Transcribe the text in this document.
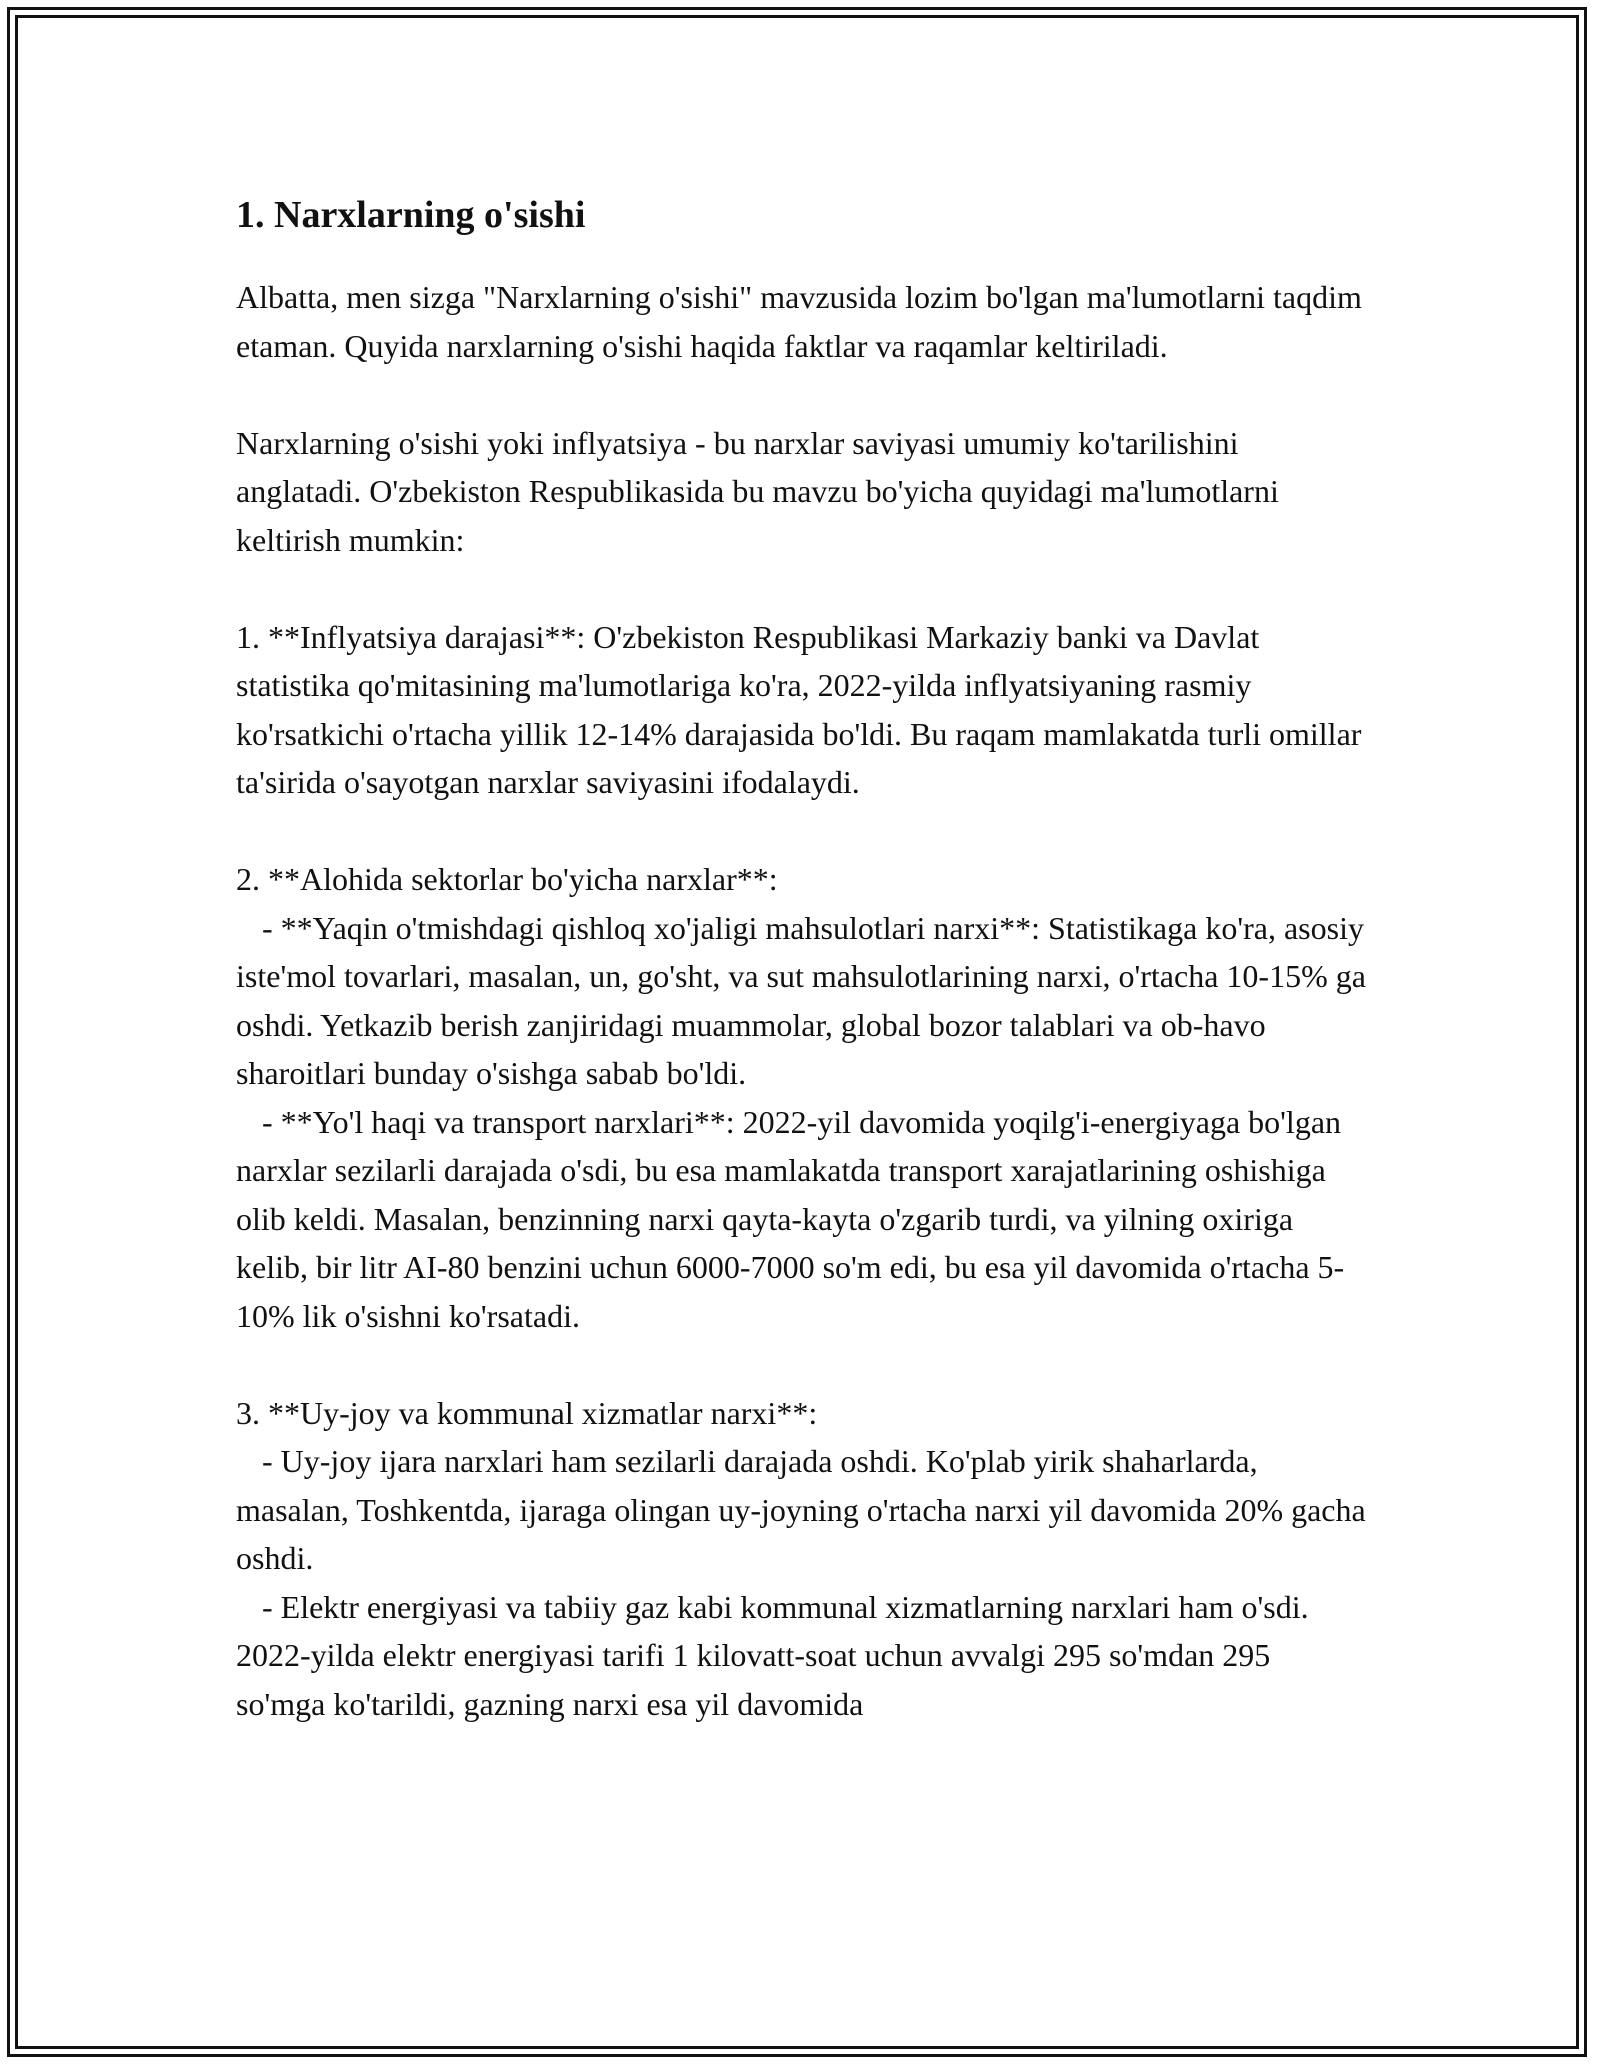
1. Narxlarning o'sishi

Albatta, men sizga "Narxlarning o'sishi" mavzusida lozim bo'lgan ma'lumotlarni taqdim etaman. Quyida narxlarning o'sishi haqida faktlar va raqamlar keltiriladi.

Narxlarning o'sishi yoki inflyatsiya - bu narxlar saviyasi umumiy ko'tarilishini anglatadi. O'zbekiston Respublikasida bu mavzu bo'yicha quyidagi ma'lumotlarni keltirish mumkin:

1. **Inflyatsiya darajasi**: O'zbekiston Respublikasi Markaziy banki va Davlat statistika qo'mitasining ma'lumotlariga ko'ra, 2022-yilda inflyatsiyaning rasmiy ko'rsatkichi o'rtacha yillik 12-14% darajasida bo'ldi. Bu raqam mamlakatda turli omillar ta'sirida o'sayotgan narxlar saviyasini ifodalaydi.

2. **Alohida sektorlar bo'yicha narxlar**:

- **Yaqin o'tmishdagi qishloq xo'jaligi mahsulotlari narxi**: Statistikaga ko'ra, asosiy iste'mol tovarlari, masalan, un, go'sht, va sut mahsulotlarining narxi, o'rtacha 10-15% ga oshdi. Yetkazib berish zanjiridagi muammolar, global bozor talablari va ob-havo sharoitlari bunday o'sishga sabab bo'ldi.

- **Yo'l haqi va transport narxlari**: 2022-yil davomida yoqilg'i-energiyaga bo'lgan narxlar sezilarli darajada o'sdi, bu esa mamlakatda transport xarajatlarining oshishiga olib keldi. Masalan, benzinning narxi qayta-kayta o'zgarib turdi, va yilning oxiriga kelib, bir litr AI-80 benzini uchun 6000-7000 so'm edi, bu esa yil davomida o'rtacha 5-10% lik o'sishni ko'rsatadi.

3. **Uy-joy va kommunal xizmatlar narxi**:

- Uy-joy ijara narxlari ham sezilarli darajada oshdi. Ko'plab yirik shaharlarda, masalan, Toshkentda, ijaraga olingan uy-joyning o'rtacha narxi yil davomida 20% gacha oshdi.

- Elektr energiyasi va tabiiy gaz kabi kommunal xizmatlarning narxlari ham o'sdi. 2022-yilda elektr energiyasi tarifi 1 kilovatt-soat uchun avvalgi 295 so'mdan 295 so'mga ko'tarildi, gazning narxi esa yil davomida
